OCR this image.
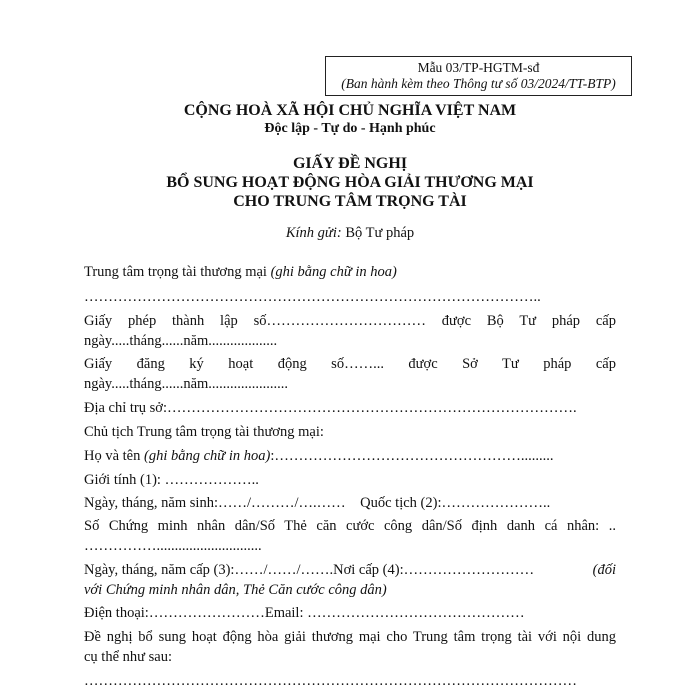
Mẫu 03/TP-HGTM-sđ
(Ban hành kèm theo Thông tư số 03/2024/TT-BTP)
CỘNG HOÀ XÃ HỘI CHỦ NGHĨA VIỆT NAM
Độc lập - Tự do - Hạnh phúc
GIẤY ĐỀ NGHỊ
BỔ SUNG HOẠT ĐỘNG HÒA GIẢI THƯƠNG MẠI
CHO TRUNG TÂM TRỌNG TÀI
Kính gửi: Bộ Tư pháp
Trung tâm trọng tài thương mại (ghi bằng chữ in hoa)
…………………………………………………………………………………..
Giấy phép thành lập số…………………………… được Bộ Tư pháp cấp
ngày.....tháng......năm...................
Giấy đăng ký hoạt động số……... được Sở Tư pháp cấp
ngày.....tháng......năm......................
Địa chỉ trụ sở:………………………………………………………………………….
Chủ tịch Trung tâm trọng tài thương mại:
Họ và tên (ghi bằng chữ in hoa):…………………………………………….........
Giới tính (1): ………………..
Ngày, tháng, năm sinh:……/………/….……    Quốc tịch (2):…………………..
Số Chứng minh nhân dân/Số Thẻ căn cước công dân/Số định danh cá nhân: ..
…………….............................
Ngày, tháng, năm cấp (3):……/……/…….Nơi cấp (4):………………………	(đối
với Chứng minh nhân dân, Thẻ Căn cước công dân)
Điện thoại:……………………Email: ………………………………………
Đề nghị bổ sung hoạt động hòa giải thương mại cho Trung tâm trọng tài với nội dung
cụ thể như sau:
…………………………………………………………………………………………
